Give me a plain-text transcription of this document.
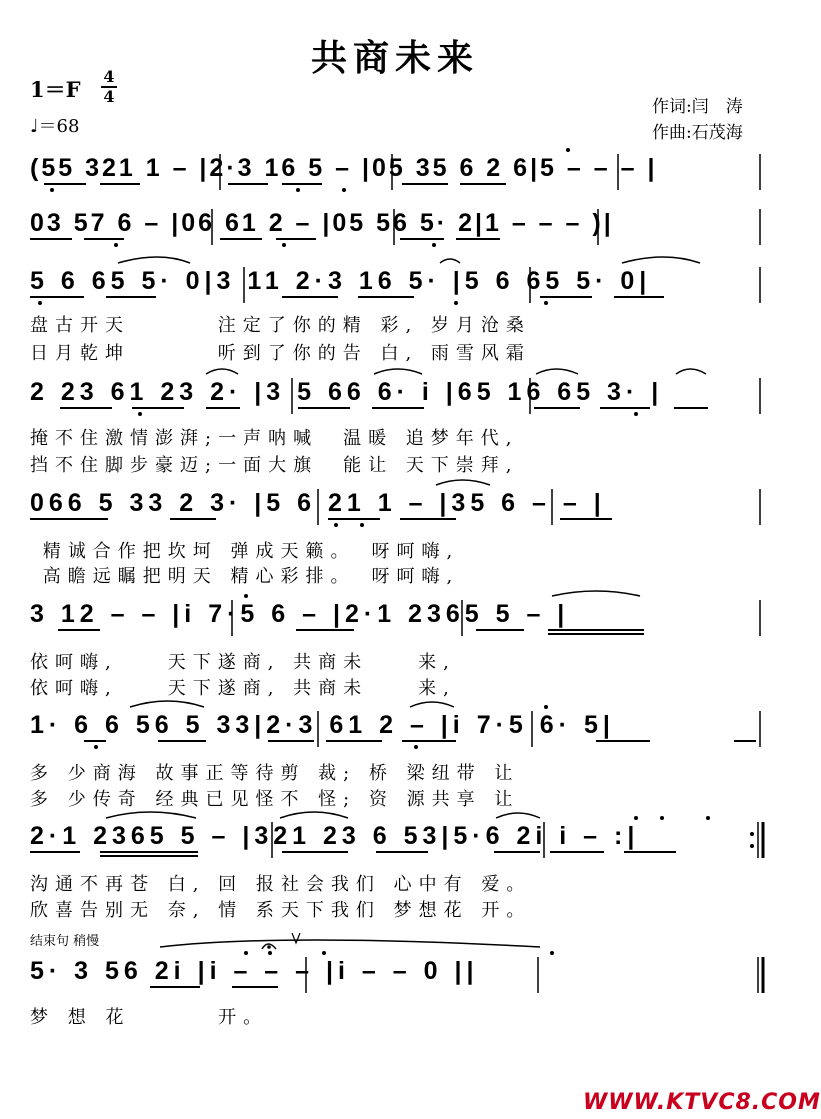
共商未来
1＝F
4
4
♩＝68
作词:闫　涛
作曲:石茂海
(55 321 1 – |2·3 16 5 – |05 35 6 2 6|5 – – – |
03 57 6 – |06 61 2 – |05 56 5· 2|1 – – – )|
5 6 65 5· 0|3 11 2·3 16 5· |5 6 65 5· 0|
盘古开天　　　 注定了你的精 彩, 岁月沧桑
日月乾坤　　　 听到了你的告 白, 雨雪风霜
2 23 61 23 2· |3 5 66 6· i |65 16 65 3· |
掩不住激情澎湃;一声呐喊　温暖 追梦年代,
挡不住脚步豪迈;一面大旗　能让 天下崇拜,
066 5 33 2 3· |5 6 21 1 – |35 6 – – |
精诚合作把坎坷 弹成天籁。　呀呵嗨,
高瞻远瞩把明天 精心彩排。　呀呵嗨,
3 12 – – |i 7·5 6 – |2·1 2365 5 – |
依呵嗨,　　天下遂商, 共商未　　来,
依呵嗨,　　天下遂商, 共商未　　来,
1· 6 6 56 5 33|2·3 61 2 – |i 7·5 6· 5|
多 少商海 故事正等待剪 裁; 桥 梁纽带 让
多 少传奇 经典已见怪不 怪; 资 源共享 让
2·1 2365 5 – |321 23 6 53|5·6 2i i – :|
沟通不再苍 白, 回 报社会我们 心中有 爱。
欣喜告别无 奈, 情 系天下我们 梦想花 开。
结束句 稍慢
5· 3 56 2i |i – – – |i – – 0 ||
梦 想 花　　　 开。
WWW.KTVC8.COM
